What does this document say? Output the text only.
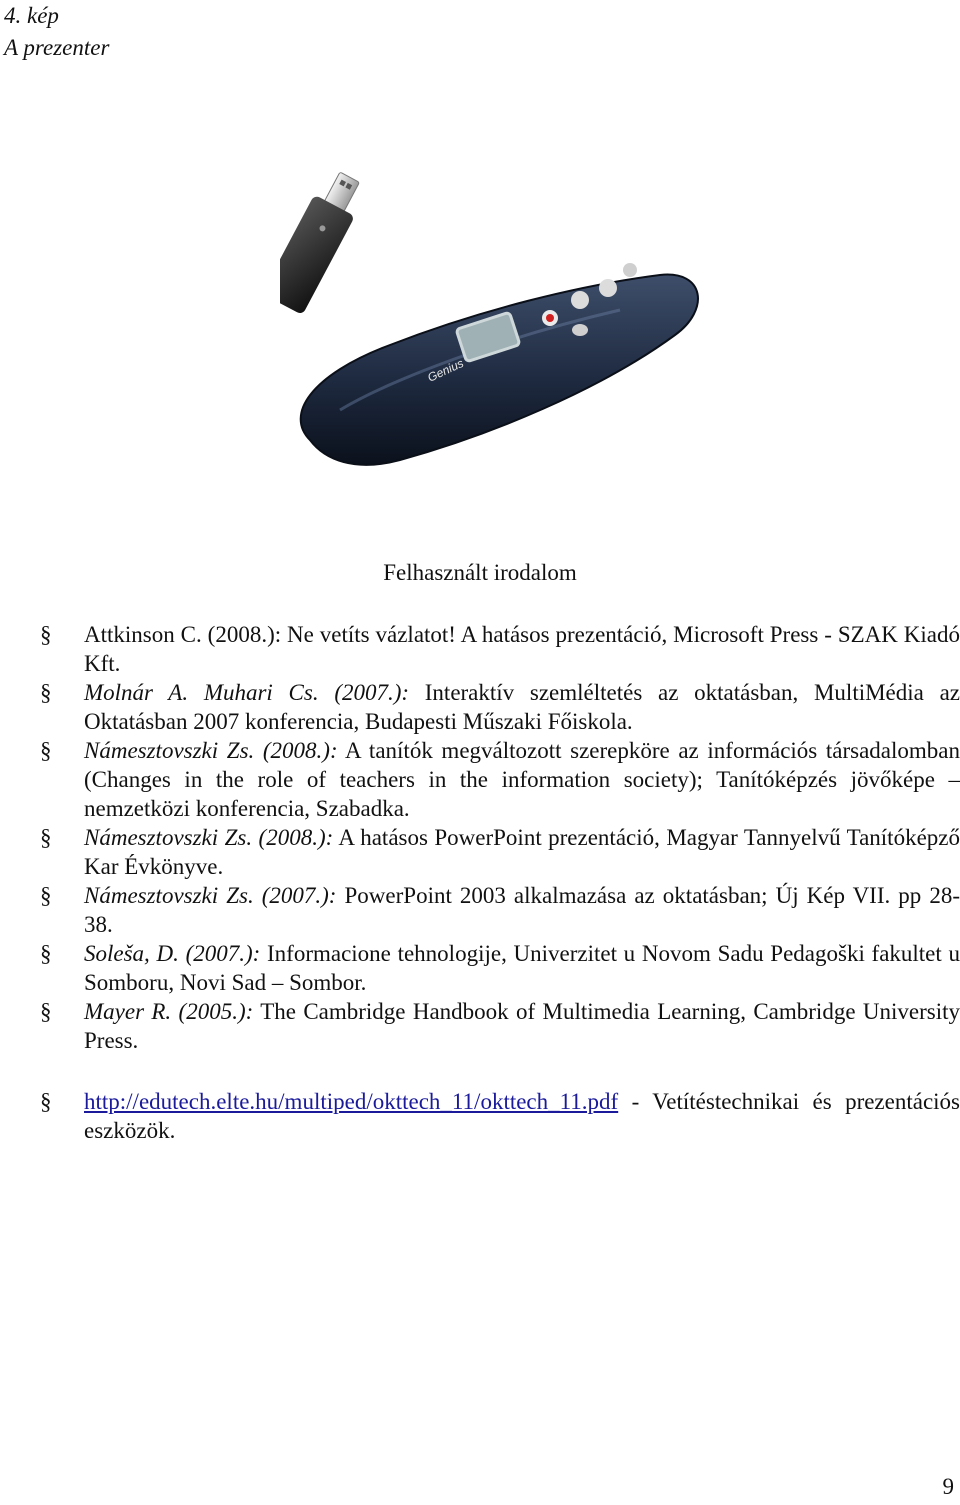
4. kép
A prezenter
Genius
Felhasznált irodalom
§ Attkinson C. (2008.): Ne vetíts vázlatot! A hatásos prezentáció, Microsoft Press - SZAK Kiadó Kft.
§ Molnár A. Muhari Cs. (2007.): Interaktív szemléltetés az oktatásban, MultiMédia az Oktatásban 2007 konferencia, Budapesti Műszaki Főiskola.
§ Námesztovszki Zs. (2008.): A tanítók megváltozott szerepköre az információs társadalomban (Changes in the role of teachers in the information society); Tanítóképzés jövőképe – nemzetközi konferencia, Szabadka.
§ Námesztovszki Zs. (2008.): A hatásos PowerPoint prezentáció, Magyar Tannyelvű Tanítóképző Kar Évkönyve.
§ Námesztovszki Zs. (2007.): PowerPoint 2003 alkalmazása az oktatásban; Új Kép VII. pp 28-38.
§ Soleša, D. (2007.): Informacione tehnologije, Univerzitet u Novom Sadu Pedagoški fakultet u Somboru, Novi Sad – Sombor.
§ Mayer R. (2005.): The Cambridge Handbook of Multimedia Learning, Cambridge University Press.
§ http://edutech.elte.hu/multiped/okttech_11/okttech_11.pdf - Vetítéstechnikai és prezentációs eszközök.
9
